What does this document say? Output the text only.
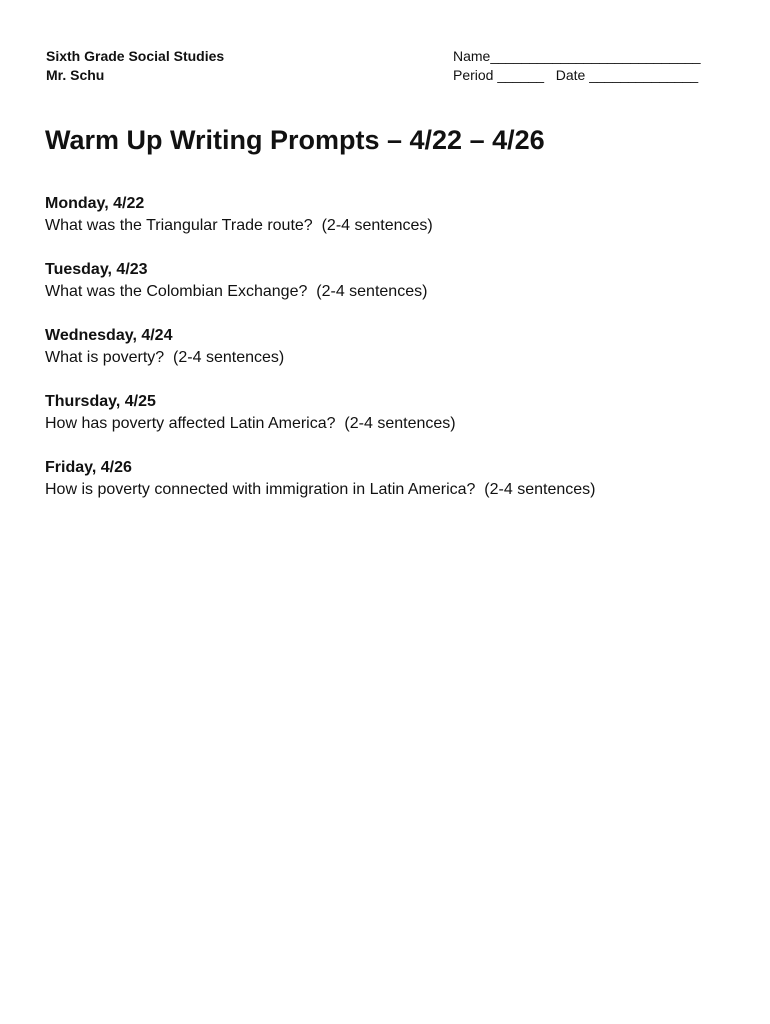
Sixth Grade Social Studies
Mr. Schu
Name___________________________
Period ______   Date ______________
Warm Up Writing Prompts – 4/22 – 4/26
Monday, 4/22
What was the Triangular Trade route?  (2-4 sentences)
Tuesday, 4/23
What was the Colombian Exchange?  (2-4 sentences)
Wednesday, 4/24
What is poverty?  (2-4 sentences)
Thursday, 4/25
How has poverty affected Latin America?  (2-4 sentences)
Friday, 4/26
How is poverty connected with immigration in Latin America?  (2-4 sentences)
